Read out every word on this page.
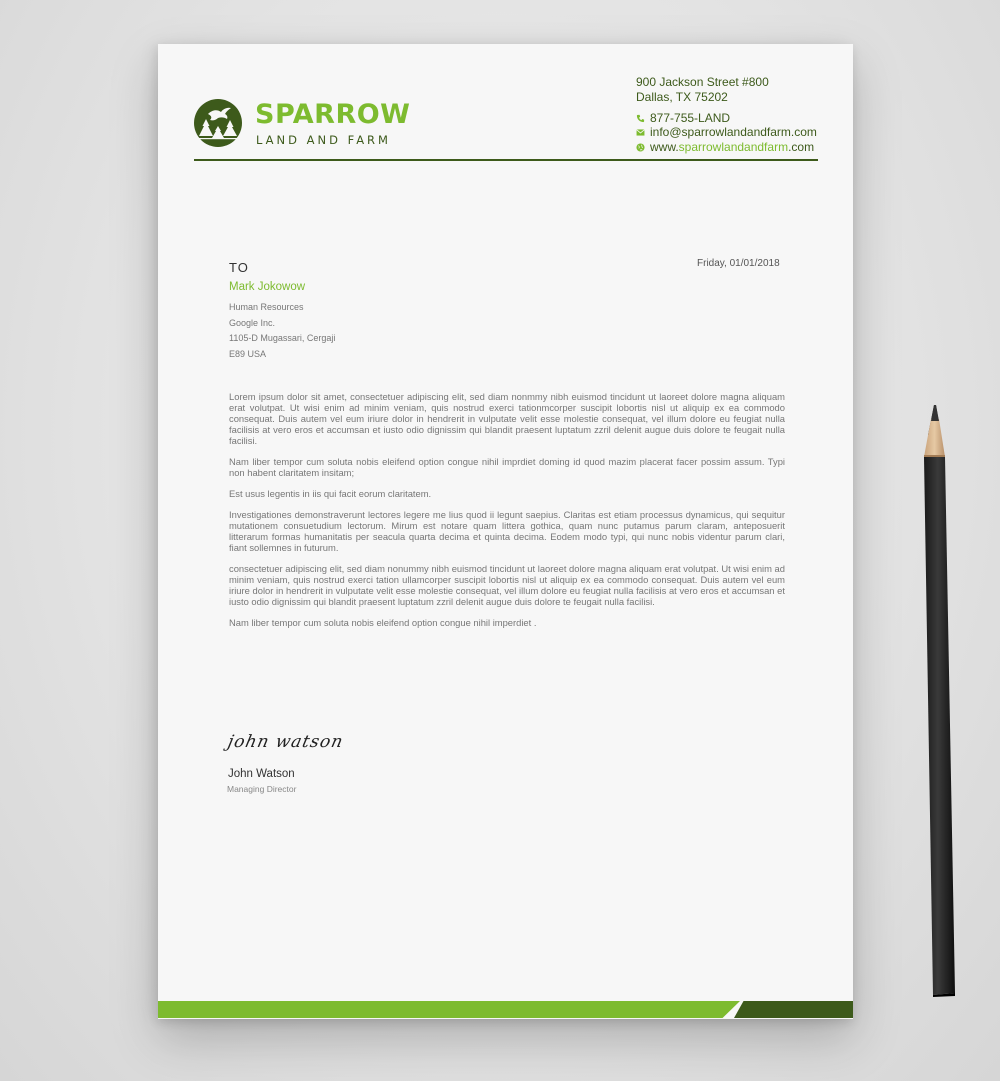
SPARROW
LAND AND FARM
900 Jackson Street #800
Dallas, TX 75202
877-755-LAND
info@sparrowlandandfarm.com
www.sparrowlandandfarm.com
TO	Friday, 01/01/2018
Mark Jokowow
Human Resources
Google Inc.
1105-D Mugassari, Cergaji
E89 USA

Lorem ipsum dolor sit amet, consectetuer adipiscing elit, sed diam nonmmy nibh euismod tincidunt ut laoreet dolore magna aliquam erat volutpat. Ut wisi enim ad minim veniam, quis nostrud exerci tationmcorper suscipit lobortis nisl ut aliquip ex ea commodo consequat. Duis autem vel eum iriure dolor in hendrerit in vulputate velit esse molestie consequat, vel illum dolore eu feugiat nulla facilisis at vero eros et accumsan et iusto odio dignissim qui blandit praesent luptatum zzril delenit augue duis dolore te feugait nulla facilisi.

Nam liber tempor cum soluta nobis eleifend option congue nihil imprdiet doming id quod mazim placerat facer possim assum. Typi non habent claritatem insitam;

Est usus legentis in iis qui facit eorum claritatem.

Investigationes demonstraverunt lectores legere me lius quod ii legunt saepius. Claritas est etiam processus dynamicus, qui sequitur mutationem consuetudium lectorum. Mirum est notare quam littera gothica, quam nunc putamus parum claram, anteposuerit litterarum formas humanitatis per seacula quarta decima et quinta decima. Eodem modo typi, qui nunc nobis videntur parum clari, fiant sollemnes in futurum.

consectetuer adipiscing elit, sed diam nonummy nibh euismod tincidunt ut laoreet dolore magna aliquam erat volutpat. Ut wisi enim ad minim veniam, quis nostrud exerci tation ullamcorper suscipit lobortis nisl ut aliquip ex ea commodo consequat. Duis autem vel eum iriure dolor in hendrerit in vulputate velit esse molestie consequat, vel illum dolore eu feugiat nulla facilisis at vero eros et accumsan et iusto odio dignissim qui blandit praesent luptatum zzril delenit augue duis dolore te feugait nulla facilisi.

Nam liber tempor cum soluta nobis eleifend option congue nihil imperdiet .

john watson
John Watson
Managing Director
